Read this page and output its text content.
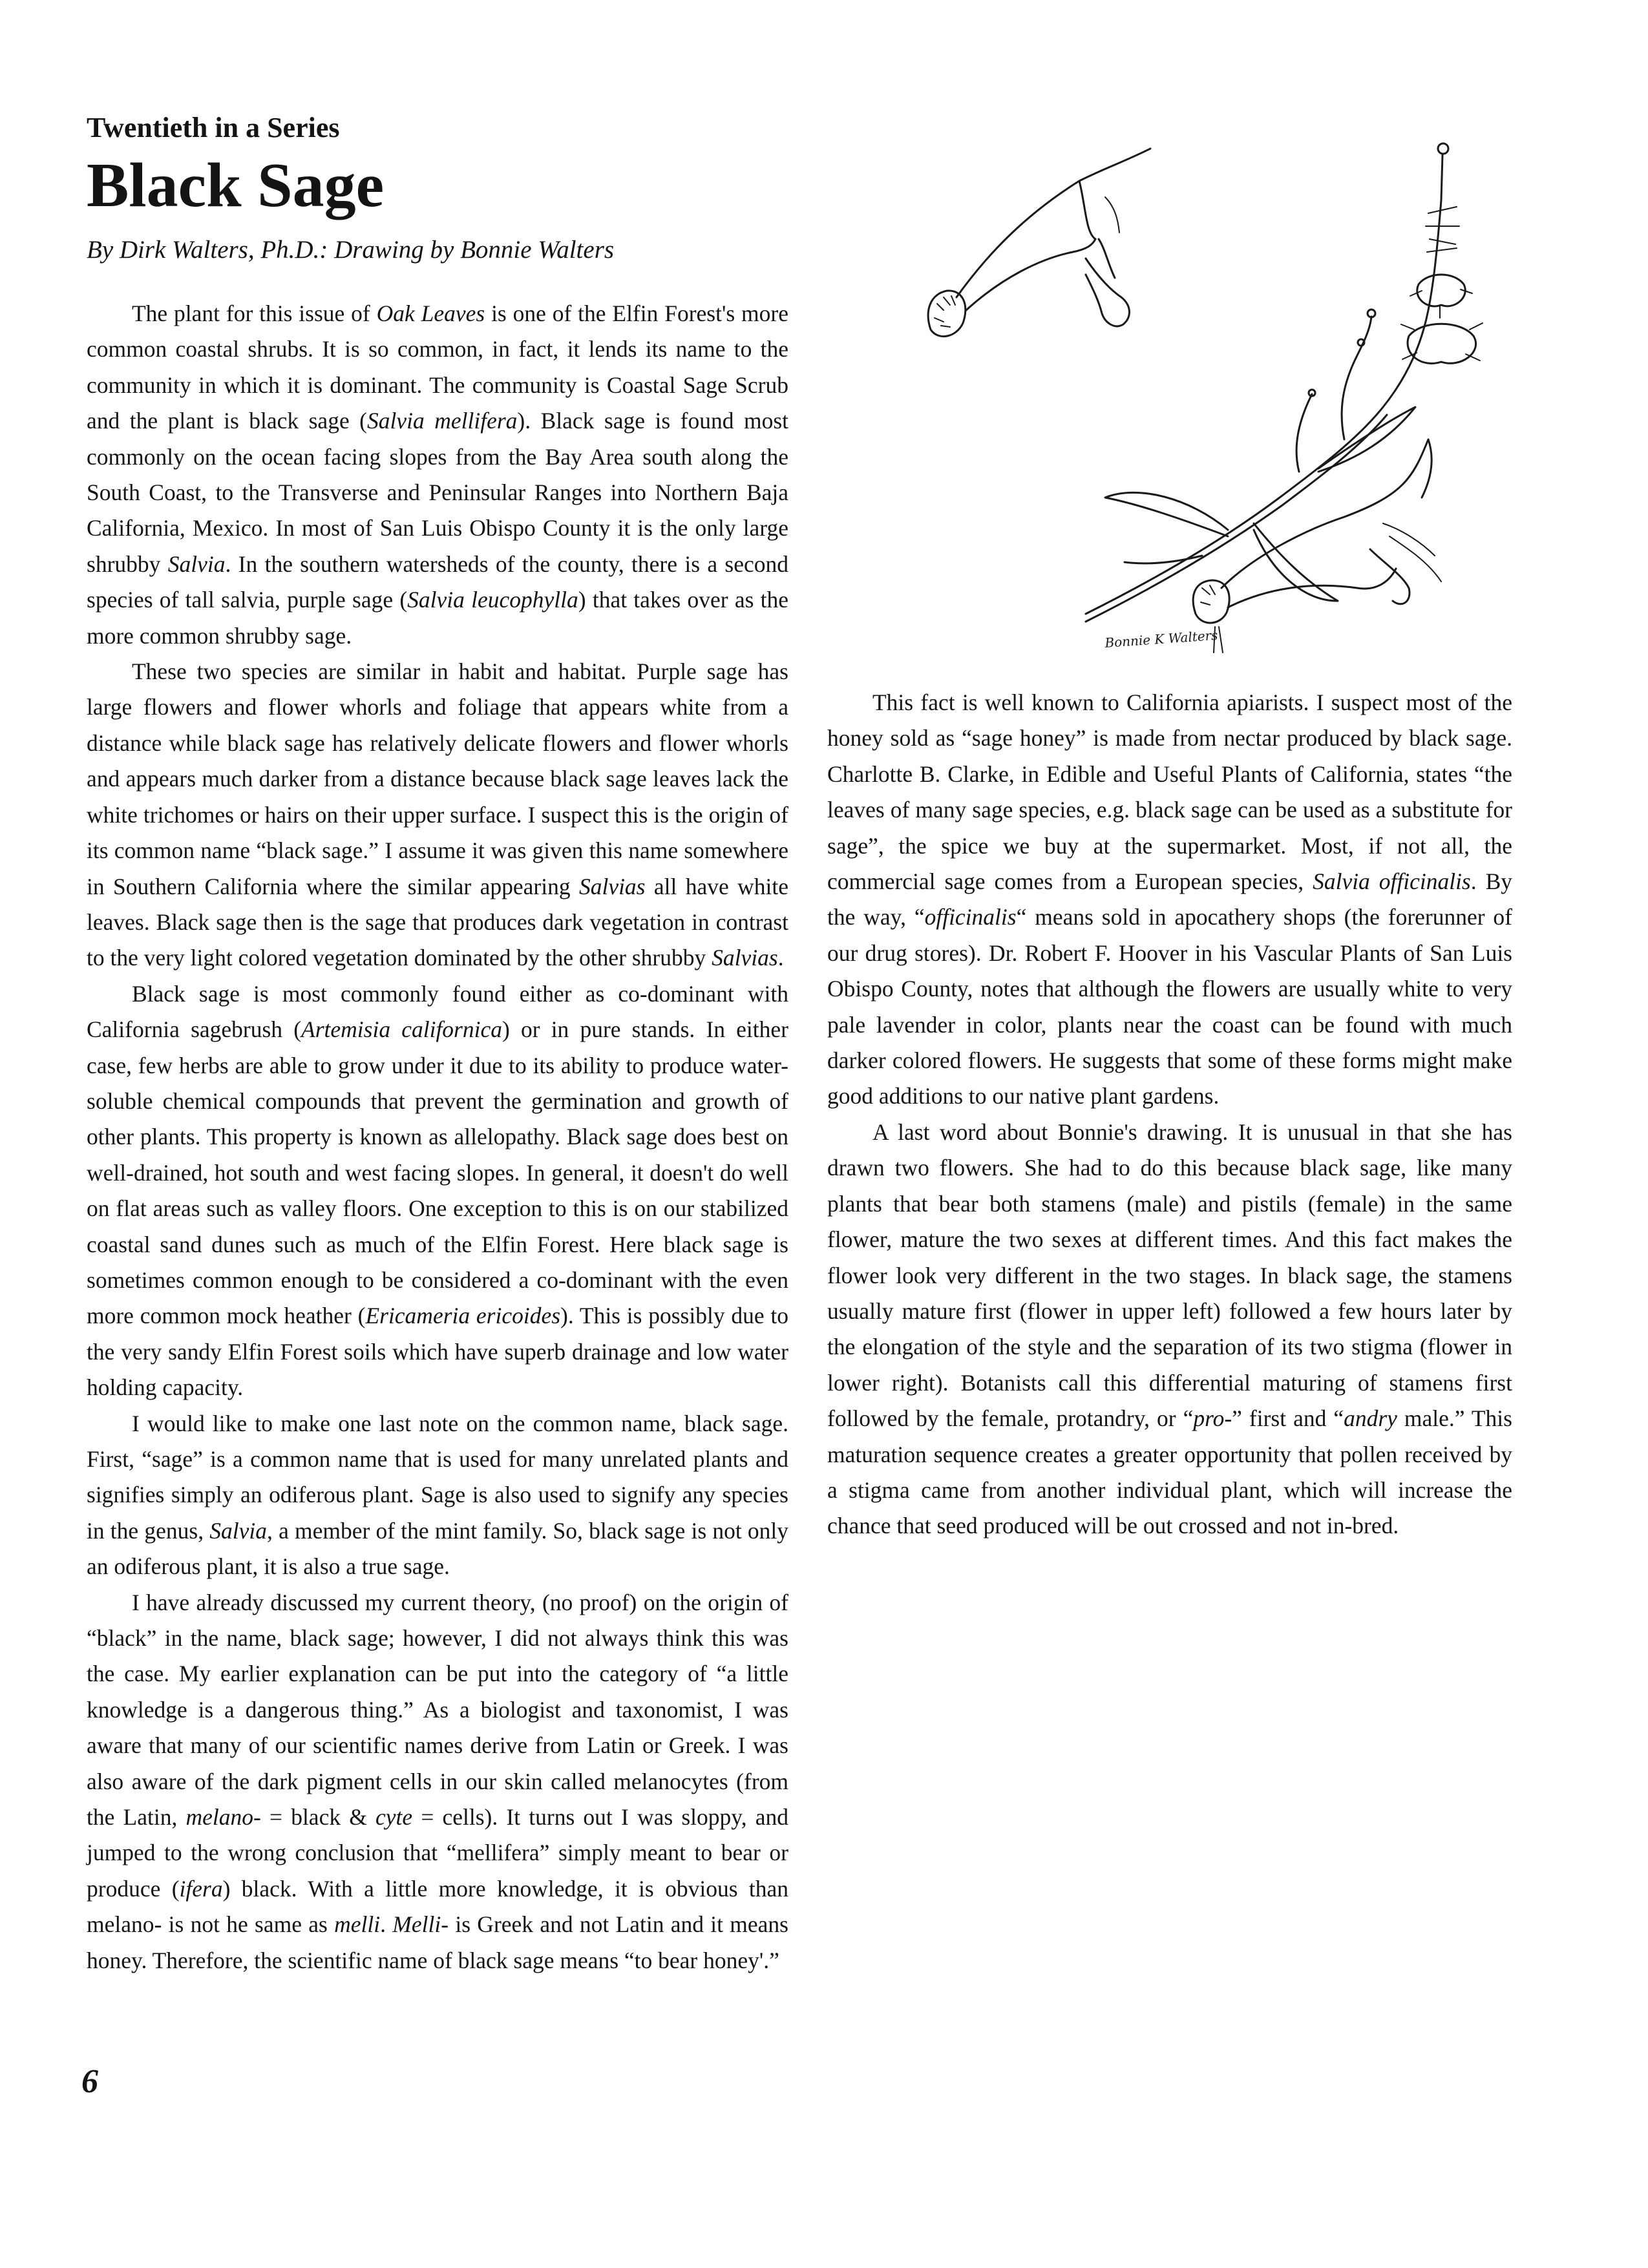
Twentieth in a Series
Black Sage
By Dirk Walters, Ph.D.: Drawing by Bonnie Walters

The plant for this issue of Oak Leaves is one of the Elfin Forest's more common coastal shrubs. It is so common, in fact, it lends its name to the community in which it is dominant. The community is Coastal Sage Scrub and the plant is black sage (Salvia mellifera). Black sage is found most commonly on the ocean facing slopes from the Bay Area south along the South Coast, to the Transverse and Peninsular Ranges into Northern Baja California, Mexico. In most of San Luis Obispo County it is the only large shrubby Salvia. In the southern watersheds of the county, there is a second species of tall salvia, purple sage (Salvia leucophylla) that takes over as the more common shrubby sage.

These two species are similar in habit and habitat. Purple sage has large flowers and flower whorls and foliage that appears white from a distance while black sage has relatively delicate flowers and flower whorls and appears much darker from a distance because black sage leaves lack the white trichomes or hairs on their upper surface. I suspect this is the origin of its common name “black sage.” I assume it was given this name somewhere in Southern California where the similar appearing Salvias all have white leaves. Black sage then is the sage that produces dark vegetation in contrast to the very light colored vegetation dominated by the other shrubby Salvias.

Black sage is most commonly found either as co-dominant with California sagebrush (Artemisia californica) or in pure stands. In either case, few herbs are able to grow under it due to its ability to produce water-soluble chemical compounds that prevent the germination and growth of other plants. This property is known as allelopathy. Black sage does best on well-drained, hot south and west facing slopes. In general, it doesn't do well on flat areas such as valley floors. One exception to this is on our stabilized coastal sand dunes such as much of the Elfin Forest. Here black sage is sometimes common enough to be considered a co-dominant with the even more common mock heather (Ericameria ericoides). This is possibly due to the very sandy Elfin Forest soils which have superb drainage and low water holding capacity.

I would like to make one last note on the common name, black sage. First, “sage” is a common name that is used for many unrelated plants and signifies simply an odiferous plant. Sage is also used to signify any species in the genus, Salvia, a member of the mint family. So, black sage is not only an odiferous plant, it is also a true sage.

I have already discussed my current theory, (no proof) on the origin of “black” in the name, black sage; however, I did not always think this was the case. My earlier explanation can be put into the category of “a little knowledge is a dangerous thing.” As a biologist and taxonomist, I was aware that many of our scientific names derive from Latin or Greek. I was also aware of the dark pigment cells in our skin called melanocytes (from the Latin, melano- = black & cyte = cells). It turns out I was sloppy, and jumped to the wrong conclusion that “mellifera” simply meant to bear or produce (ifera) black. With a little more knowledge, it is obvious than melano- is not he same as melli. Melli- is Greek and not Latin and it means honey. Therefore, the scientific name of black sage means “to bear honey'.”

Bonnie K Walters

This fact is well known to California apiarists. I suspect most of the honey sold as “sage honey” is made from nectar produced by black sage. Charlotte B. Clarke, in Edible and Useful Plants of California, states “the leaves of many sage species, e.g. black sage can be used as a substitute for sage”, the spice we buy at the supermarket. Most, if not all, the commercial sage comes from a European species, Salvia officinalis. By the way, “officinalis“ means sold in apocathery shops (the forerunner of our drug stores). Dr. Robert F. Hoover in his Vascular Plants of San Luis Obispo County, notes that although the flowers are usually white to very pale lavender in color, plants near the coast can be found with much darker colored flowers. He suggests that some of these forms might make good additions to our native plant gardens.

A last word about Bonnie's drawing. It is unusual in that she has drawn two flowers. She had to do this because black sage, like many plants that bear both stamens (male) and pistils (female) in the same flower, mature the two sexes at different times. And this fact makes the flower look very different in the two stages. In black sage, the stamens usually mature first (flower in upper left) followed a few hours later by the elongation of the style and the separation of its two stigma (flower in lower right). Botanists call this differential maturing of stamens first followed by the female, protandry, or “pro-” first and “andry male.” This maturation sequence creates a greater opportunity that pollen received by a stigma came from another individual plant, which will increase the chance that seed produced will be out crossed and not in-bred.

6
